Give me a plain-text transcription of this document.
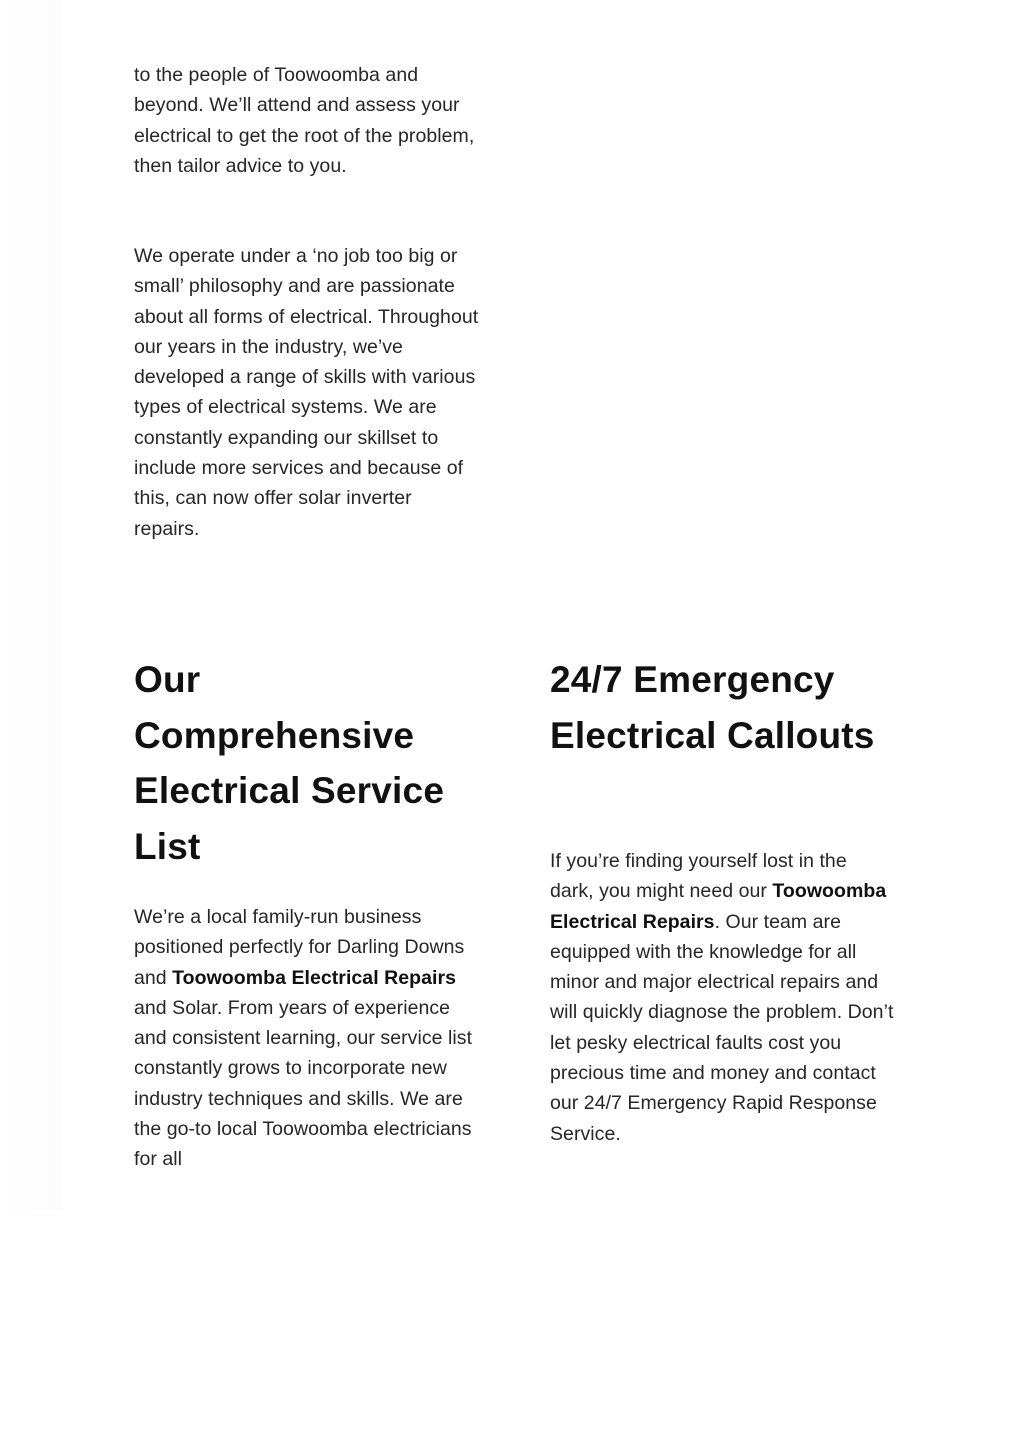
to the people of Toowoomba and beyond. We’ll attend and assess your electrical to get the root of the problem, then tailor advice to you.

We operate under a ‘no job too big or small’ philosophy and are passionate about all forms of electrical. Throughout our years in the industry, we’ve developed a range of skills with various types of electrical systems. We are constantly expanding our skillset to include more services and because of this, can now offer solar inverter repairs.

Our Comprehensive Electrical Service List

We’re a local family-run business positioned perfectly for Darling Downs and Toowoomba Electrical Repairs and Solar. From years of experience and consistent learning, our service list constantly grows to incorporate new industry techniques and skills. We are the go-to local Toowoomba electricians for all

24/7 Emergency Electrical Callouts

If you’re finding yourself lost in the dark, you might need our Toowoomba Electrical Repairs. Our team are equipped with the knowledge for all minor and major electrical repairs and will quickly diagnose the problem. Don’t let pesky electrical faults cost you precious time and money and contact our 24/7 Emergency Rapid Response Service.
